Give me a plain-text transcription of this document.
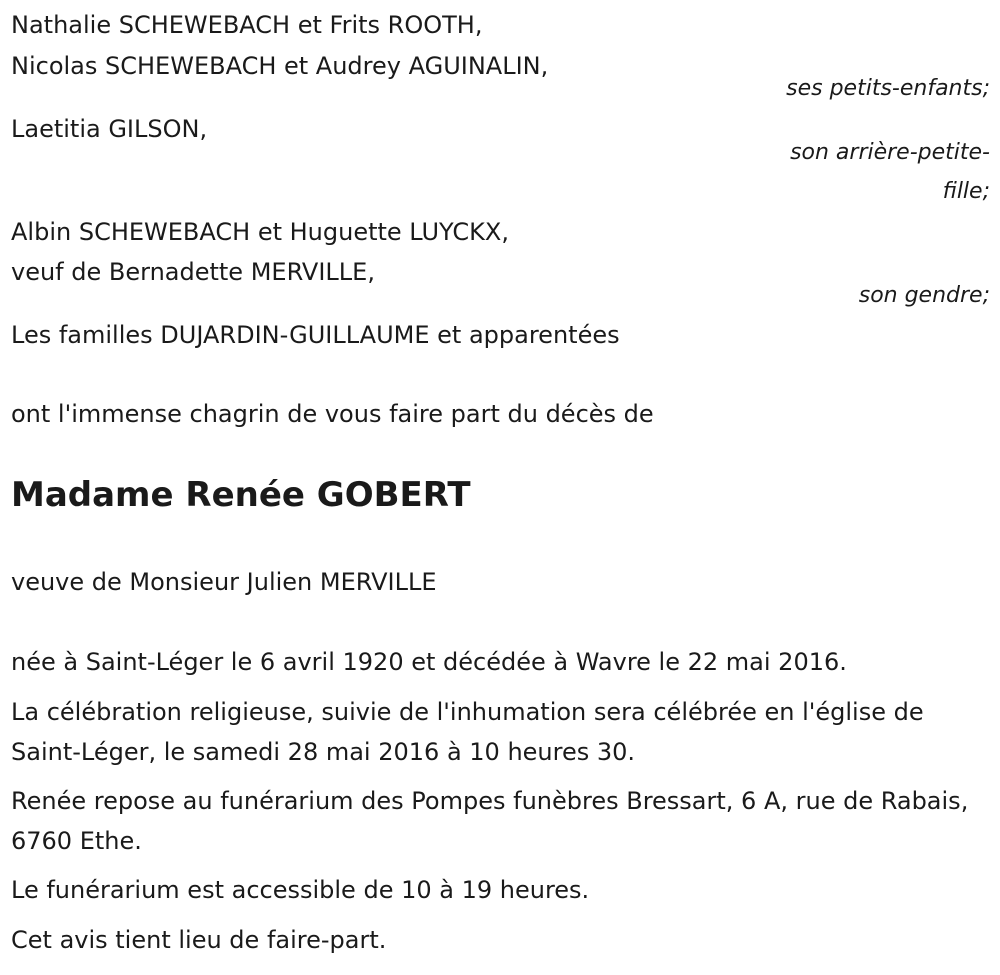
Nathalie SCHEWEBACH et Frits ROOTH,
Nicolas SCHEWEBACH et Audrey AGUINALIN,
ses petits-enfants;
Laetitia GILSON,
son arrière-petite-
fille;
Albin SCHEWEBACH et Huguette LUYCKX,
veuf de Bernadette MERVILLE,
son gendre;
Les familles DUJARDIN-GUILLAUME et apparentées
ont l'immense chagrin de vous faire part du décès de
Madame Renée GOBERT
veuve de Monsieur Julien MERVILLE
née à Saint-Léger le 6 avril 1920 et décédée à Wavre le 22 mai 2016.
La célébration religieuse, suivie de l'inhumation sera célébrée en l'église de Saint-Léger, le samedi 28 mai 2016 à 10 heures 30.
Renée repose au funérarium des Pompes funèbres Bressart, 6 A, rue de Rabais, 6760 Ethe.
Le funérarium est accessible de 10 à 19 heures.
Cet avis tient lieu de faire-part.
